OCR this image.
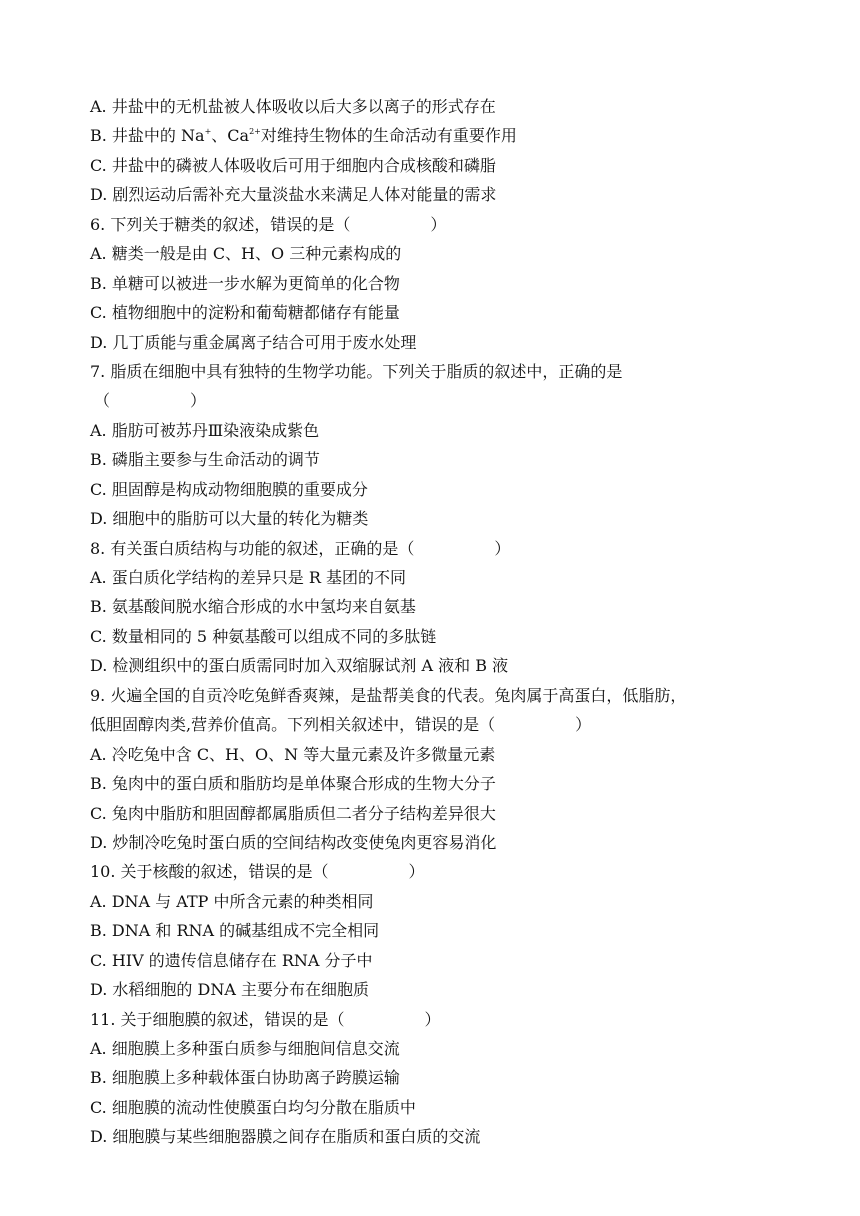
A. 井盐中的无机盐被人体吸收以后大多以离子的形式存在
B. 井盐中的 Na+、$Ca^{2+}$对维持生物体的生命活动有重要作用
C. 井盐中的磷被人体吸收后可用于细胞内合成核酸和磷脂
D. 剧烈运动后需补充大量淡盐水来满足人体对能量的需求
6. 下列关于糖类的叙述，错误的是（　　　　　）
A. 糖类一般是由 C、H、O 三种元素构成的
B. 单糖可以被进一步水解为更简单的化合物
C. 植物细胞中的淀粉和葡萄糖都储存有能量
D. 几丁质能与重金属离子结合可用于废水处理
7. 脂质在细胞中具有独特的生物学功能。下列关于脂质的叙述中，正确的是
（　　　　　）
A. 脂肪可被苏丹Ⅲ染液染成紫色
B. 磷脂主要参与生命活动的调节
C. 胆固醇是构成动物细胞膜的重要成分
D. 细胞中的脂肪可以大量的转化为糖类
8. 有关蛋白质结构与功能的叙述，正确的是（　　　　　）
A. 蛋白质化学结构的差异只是 R 基团的不同
B. 氨基酸间脱水缩合形成的水中氢均来自氨基
C. 数量相同的 5 种氨基酸可以组成不同的多肽链
D. 检测组织中的蛋白质需同时加入双缩脲试剂 A 液和 B 液
9. 火遍全国的自贡冷吃兔鲜香爽辣，是盐帮美食的代表。兔肉属于高蛋白，低脂肪，
低胆固醇肉类,营养价值高。下列相关叙述中，错误的是（　　　　　）
A. 冷吃兔中含 C、H、O、N 等大量元素及许多微量元素
B. 兔肉中的蛋白质和脂肪均是单体聚合形成的生物大分子
C. 兔肉中脂肪和胆固醇都属脂质但二者分子结构差异很大
D. 炒制冷吃兔时蛋白质的空间结构改变使兔肉更容易消化
10. 关于核酸的叙述，错误的是（　　　　　）
A. DNA 与 ATP 中所含元素的种类相同
B. DNA 和 RNA 的碱基组成不完全相同
C. HIV 的遗传信息储存在 RNA 分子中
D. 水稻细胞的 DNA 主要分布在细胞质
11. 关于细胞膜的叙述，错误的是（　　　　　）
A. 细胞膜上多种蛋白质参与细胞间信息交流
B. 细胞膜上多种载体蛋白协助离子跨膜运输
C. 细胞膜的流动性使膜蛋白均匀分散在脂质中
D. 细胞膜与某些细胞器膜之间存在脂质和蛋白质的交流
